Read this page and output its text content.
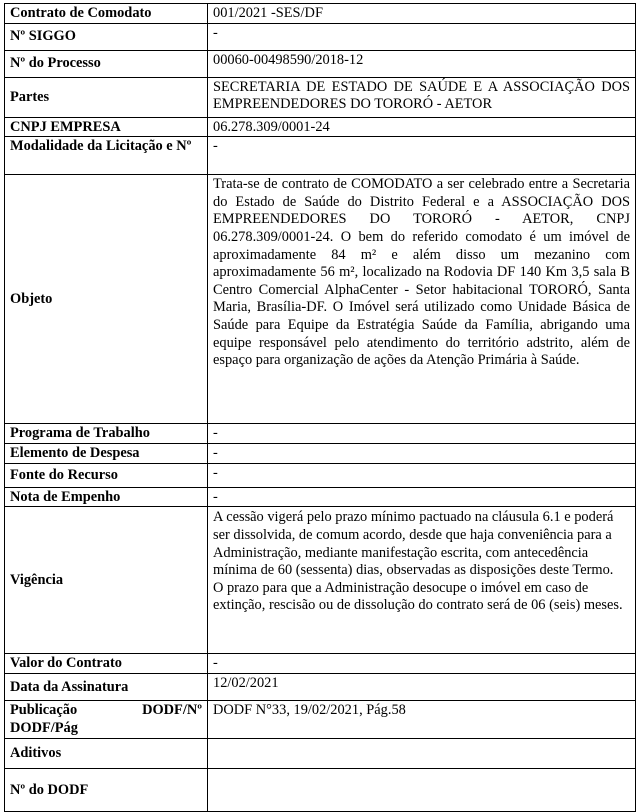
Contrato de Comodato	001/2021 -SES/DF
Nº SIGGO	-
Nº do Processo	00060-00498590/2018-12
Partes	SECRETARIA DE ESTADO DE SAÚDE E A ASSOCIAÇÃO DOS EMPREENDEDORES DO TORORÓ - AETOR
CNPJ EMPRESA	06.278.309/0001-24
Modalidade da Licitação e Nº	-
Objeto	Trata-se de contrato de COMODATO a ser celebrado entre a Secretaria do Estado de Saúde do Distrito Federal e a ASSOCIAÇÃO DOS EMPREENDEDORES DO TORORÓ - AETOR, CNPJ 06.278.309/0001-24. O bem do referido comodato é um imóvel de aproximadamente 84 m² e além disso um mezanino com aproximadamente 56 m², localizado na Rodovia DF 140 Km 3,5 sala B Centro Comercial AlphaCenter - Setor habitacional TORORÓ, Santa Maria, Brasília-DF. O Imóvel será utilizado como Unidade Básica de Saúde para Equipe da Estratégia Saúde da Família, abrigando uma equipe responsável pelo atendimento do território adstrito, além de espaço para organização de ações da Atenção Primária à Saúde.
Programa de Trabalho	-
Elemento de Despesa	-
Fonte do Recurso	-
Nota de Empenho	-
Vigência	A cessão vigerá pelo prazo mínimo pactuado na cláusula 6.1 e poderá ser dissolvida, de comum acordo, desde que haja conveniência para a Administração, mediante manifestação escrita, com antecedência mínima de 60 (sessenta) dias, observadas as disposições deste Termo.
O prazo para que a Administração desocupe o imóvel em caso de extinção, rescisão ou de dissolução do contrato será de 06 (seis) meses.

Valor do Contrato	-
Data da Assinatura	12/02/2021

Publicação DODF/Nº
DODF/Pág	DODF N°33, 19/02/2021, Pág.58
Aditivos	
Nº do DODF	
